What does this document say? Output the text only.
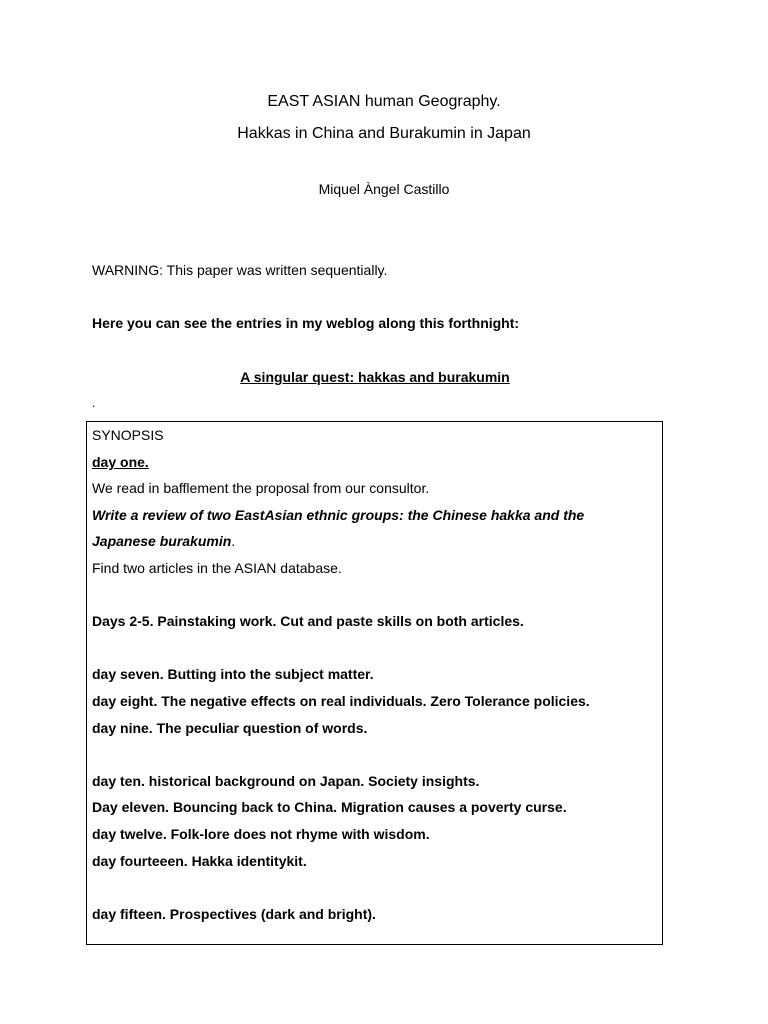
EAST ASIAN human Geography.
Hakkas in China and Burakumin in Japan
Miquel Àngel Castillo
WARNING: This paper was written sequentially.
Here you can see the entries in my weblog along this forthnight:
A singular quest: hakkas and burakumin
.
SYNOPSIS
day one.
We read in bafflement the proposal from our consultor.
Write a review of two EastAsian ethnic groups: the Chinese hakka and the
Japanese burakumin.
Find two articles in the ASIAN database.
Days 2-5. Painstaking work. Cut and paste skills on both articles.
day seven. Butting into the subject matter.
day eight. The negative effects on real individuals. Zero Tolerance policies.
day nine. The peculiar question of words.
day ten. historical background on Japan. Society insights.
Day eleven. Bouncing back to China. Migration causes a poverty curse.
day twelve. Folk-lore does not rhyme with wisdom.
day fourteeen. Hakka identitykit.
day fifteen. Prospectives (dark and bright).
